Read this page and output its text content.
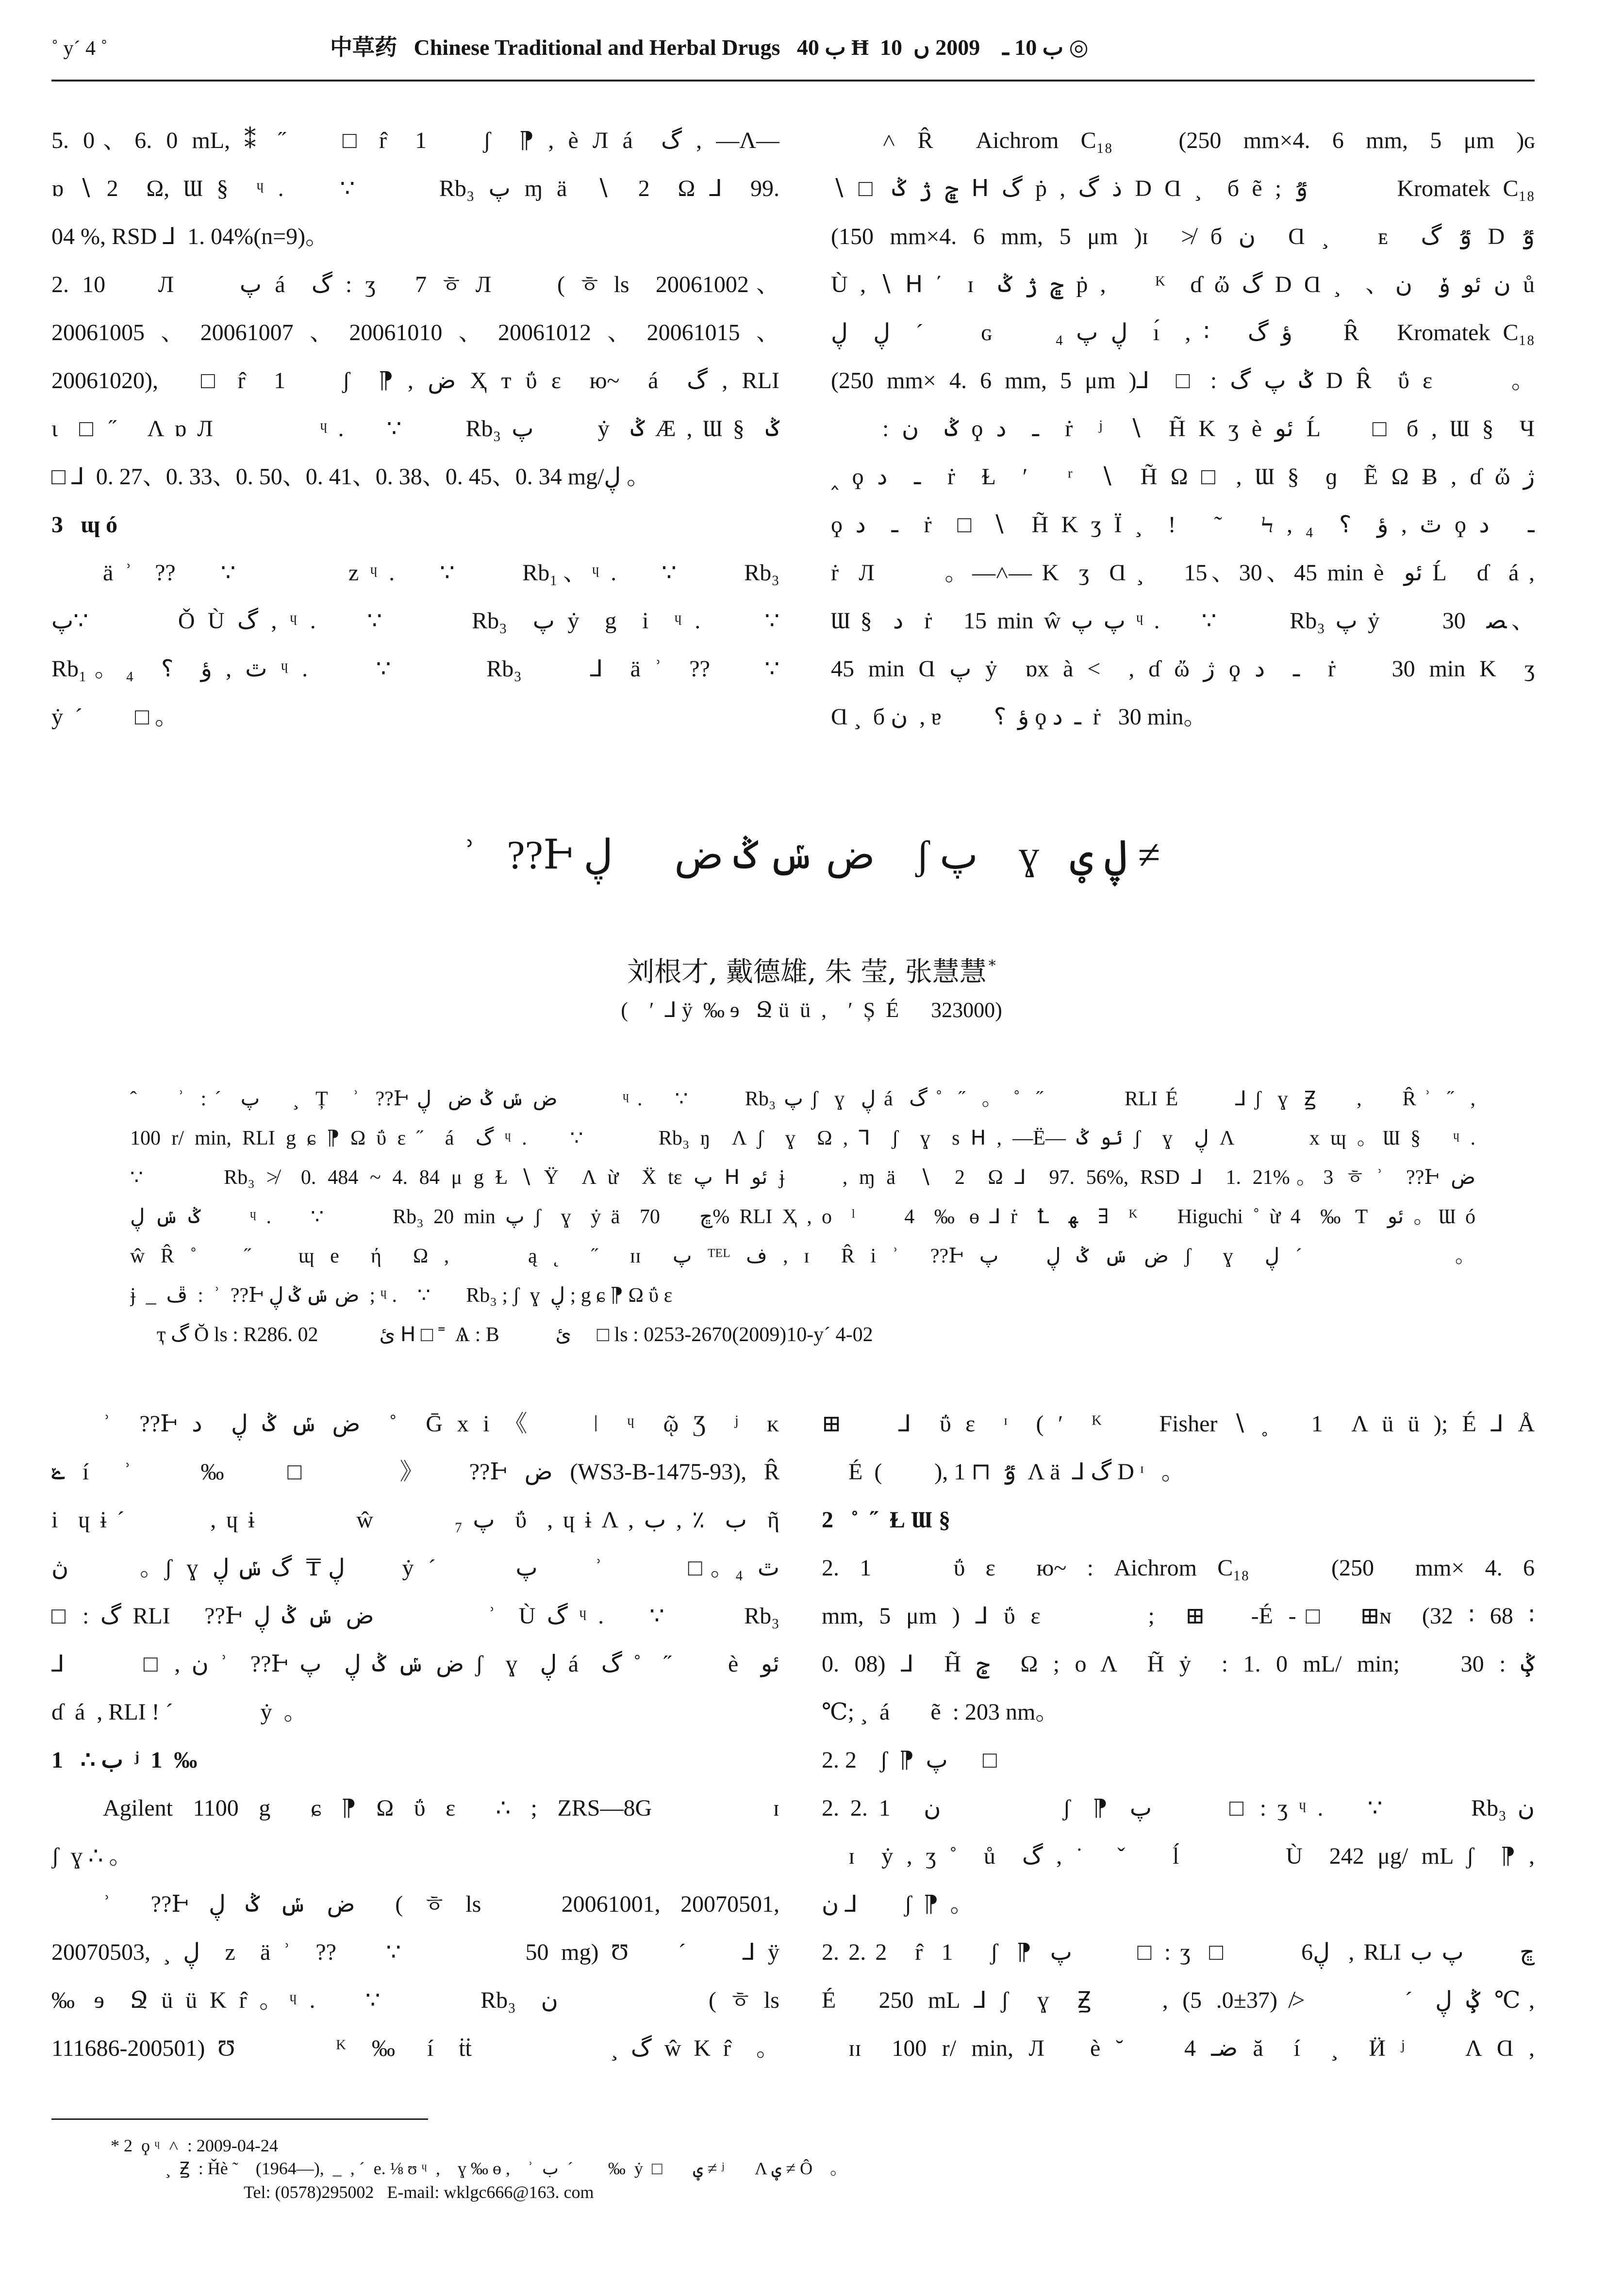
˚ y´ 4 ˚	中草药   Chinese Traditional and Herbal Drugs   ب 40 Ħ  ب 10 ـ    2009 ں  10 ◎
5. 0、6. 0 mL, ⁑ ˝    □ r̂  1    ʃ  ⁋ , è Л á  گ , —Λ—
ɒ ∖ 2  Ω, Ɯ §  ᶣ .    ∵      Rb₃ پ ɱ ä  ∖  2  Ω ⅃  99.
04 %, RSD ⅃  1. 04%(n=9)。
2. 10    Л     پ á  گ : ӡ   7 ㅎ Л     ( ㅎ ls  20061002、
20061005、20061007、20061010、20061012、20061015、
20061020),   □ r̂  1    ʃ  ⁋ , ض Ҳ т ΰ ɛ  ю~  á  گ , RLI
ι  □ ˝   Λ ɒ Л          ᶣ .    ∵      Rb₃ پ      ẏ  ݣ Æ , Ɯ §  ݣ
□ ⅃  0. 27、0. 33、0. 50、0. 41、0. 38、0. 45、0. 34 mg/ڸ 。
3   ɰ ó
ä ʾ  ??    ∵          z ᶣ .    ∵      Rb₁、ᶣ .    ∵      Rb₃
پ∵       Ǒ Ù گ , ᶣ .    ∵       Rb₃  پ ẏ  g  i  ᶣ .     ∵
Rb₁。₄  ٿ , ؤ  ؟ ᶣ .     ∵       Rb₃     ⅃  ä ʾ  ??    ∵
ẏ  ˊ         □ 。
˄ R̂  Aichrom C₁₈   (250 mm×4. 6 mm, 5 μm )ɢ
∖ □ ڇ ژ ݣ ᕼ گ ṗ , ذ گ D Ɑ ¸  б ẽ ; ٷ       Kromatek C₁₈
(150 mm×4. 6 mm, 5 μm )ɪ  ≯ б ن  Ɑ ¸   ᴇ  ٷ گ D ٷ
Ù , ∖ ᕼ ΄  ɪ  ڇ ژ ݣ ṗ ,    ᴷ  ɗ ὤ گ D Ɑ ¸  、ن ئو ݸ  ن ů
ڸ  ڸ  ˊ    ɢ     ڸ پ ₄  ı́  , ∶   ؤ گ    R̂   Kromatek C₁₈
(250 mm× 4. 6 mm, 5 μm )⅃  □ : ݣ پ گ D R̂  ΰ ɛ      。
: ݣ  ن ϙ ـ  د  ṙ  ʲ  ∖  H̃ K ӡ è ئو Ĺ    □ б , Ɯ §  Ч
‸ ϙ ـ  د  ṙ  Ɫ  ʹ   ʳ  ∖  H̃ Ω □ , Ɯ §  ɡ  Ẽ Ω Ƀ , ɗ ὤ ژ
ϙ ـ  د  ṙ  □ ∖  H̃ K ӡ Ï ¸  !   ˜   Ϟ , ₄  ٿ , ؤ  ؟ ϙ ـ   د
ṙ  Л       。—˄— K  ӡ  Ɑ ¸    15、30、45 min è  ئو Ĺ   ɗ  á ,
Ɯ §  د  ṙ   15 min ŵ پ پ ᶣ .    ∵       Rb₃ پ ẏ      ﺼ  30、
45 min Ɑ پ ẏ  ɒx à ˂  , ɗ ὤ ژ ϙ ـ  د  ṙ    30 min K  ӡ
Ɑ ¸  б ن  , ɐ         ؤ  ؟ ϙ ـ  د  ṙ   30 min。
ʾ   ??Ͱ ض ݽ ݣ ض      ڸ    ʃ پ    ɣ   ڸ ؠ ≠
刘根才, 戴德雄, 朱 莹, 张慧慧 *
(    ʹ  ⅃ ÿ  ‰ ɘ   Ջ ü  ü  ,    ʹ  Ș  É      323000)
ˆ     ʾ  : ˊ  پ    ¸  Ț   ʾ  ??Ͱ ض ݽ ݣ ض  ڸ        ᶣ .    ∵       Rb₃ پ ʃ  ɣ  ڸ á  گ ˚  ˝  。 ˚  ˝          RLI É       ⅃ ʃ  ɣ  Ꙃ     ,     R̂ ʾ  ˝  ,
100 r/ min, RLI g ɕ ⁋ Ω ΰ ɛ ˝  á  گ ᶣ .    ∵       Rb₃ ŋ  Λ ʃ  ɣ  Ω , ⅂  ʃ  ɣ  s ᕼ , —Ë— ئو ݣ ʃ  ɣ  ڸ Λ       x ɰ 。Ɯ §   ᶣ .
∵       Rb₃ ≯  0. 484 ~ 4. 84 μ g Ɫ ∖ Ÿ  Λ ừ  Ẍ tɛ پ ᕼ ئو ɉ     , ɱ ä  ∖  2  Ω ⅃  97. 56%, RSD ⅃  1. 21%。3 ㅎ ʾ  ??Ͱ ض
ݣ ݽ ڸ     ᶣ .    ∵       Rb₃ 20 min پ ʃ  ɣ  ẏ ä  ڇ    70% RLI Ҳ , ο  ˡ     4  ‰ ɵ ⅃ ṙ  Ꝉ  ﻬ  ∃  ᴷ    Higuchi ˚ ừ 4  ‰ Ƭ  ئو 。Ɯ ó
ŵ R̂ ˚   ˝   ɰ e  ή  Ω ,     ą ˛  ˝  ɪɪ  پ ᵀᴱᴸ ف , ɪ  R̂ i ʾ  ??Ͱ ض ݽ ݣ ڸ   پ ʃ  ɣ  ڸ ˊ         。
ɉ  _  ڦ  :  ʾ  ??Ͱ ض ݽ ݣ ڸ  ; ᶣ .    ∵       Rb₃ ; ʃ  ɣ  ڸ ; g ɕ ⁋ Ω ΰ ɛ
ҭ گ Ŏ ls : R286. 02            ئ ᕼ □ ˭  Ѧ : B           ئ     □ ls : 0253-2670(2009)10-y´ 4-02
ʾ  ??Ͱ ض ݽ ݣ ڸ  د  ˚  Ḡ x i 《    ǀ  ᶣ  ῷ Ʒ  ʲ  ᴋ
ݺ í  ʾ    ‰   □     》  ??Ͱ ض (WS3-B-1475-93), R̂
i  ɥ ɨ ˊ        , ɥ ɨ          ŵ        پ ₇  ΰ  , ɥ ɨ Λ , ب  ٪ , ب  ῆ
ڽ          。ʃ  ɣ  ڸ ₸  گ ݽ ڸ        ẏ  ˊ           پ        ʾ            □ 。₄  ٿ
□ : گ RLI   ??Ͱ ض ݽ ݣ ڸ          ʾ  Ù گ ᶣ .    ∵       Rb₃
⅃       □ , ن ʾ  ??Ͱ ض ݽ ݣ ڸ  پ ʃ  ɣ  ڸ á  گ ˚  ˝     è  ئو
ɗ  á  , RLI ! ˊ               ẏ  。
1   ∴ ب  ʲ  1  ‰
Agilent 1100 g  ɕ ⁋ Ω ΰ ɛ  ∴ ; ZRS—8G      ɪ
ʃ  ɣ ∴ 。
ʾ  ??Ͱ ض ݽ ݣ ڸ  ( ㅎ ls    20061001, 20070501,
20070503, ¸ ڸ  z  ä ʾ  ??    ∵          50 mg) Ʊ    ˊ    ⅃ ÿ
‰ ɘ  Ջ ü ü K r̂ 。ᶣ .    ∵        Rb₃  ن            ( ㅎ ls
111686-200501) Ʊ        ᴷ  ‰  í  ṫṫ           ¸ گ ŵ K r̂  。
⊞    ⅃  ΰ ɛ  ᶦ  ( ʹ  ᴷ    Fisher ∖ ˳   1  Λ ü ü ); É ⅃ Å
É  (         ), ٷ  ⊓ 1  Λ ä  ⅃ گ D ᶦ   。
2   ˚  ˝  Ɫ Ɯ §
2. 1    ΰ ɛ  ю~ : Aichrom C₁₈    (250  mm× 4. 6
mm, 5 μm ) ⅃ ΰ ɛ       ;  ⊞   -É -□  ⊞ɴ  (32 ∶ 68 ∶
0. 08) ⅃  H̃ ݮ  Ω ; ο Λ  H̃ ẏ  : 1. 0 mL/ min;    ݣ̧ : 30
℃; ¸  á       ẽ  : 203 nm。
2. 2    ʃ  ⁋  پ      □
2. 2. 1   ن           ʃ  ⁋  پ       □ : ӡ ᶣ .    ∵        Rb₃ ن
ɪ  ẏ , ӡ ˚  ů  گ , ˙  ˇ   ĺ        Ù  242 μg/ mL ʃ  ⁋ ,
ن ⅃        ʃ  ⁋  。
2. 2. 2   r̂  1    ʃ  ⁋  پ       □ : ӡ  □        6ڸ  , RLI ڇ      پ ب
É   250 mL ⅃ ʃ  ɣ  Ꙃ     , ݣ̧ ڸ ˊ       ≯ (37±0. 5) ℃,
ɪɪ  100 r/ min, Л   è ˘    4 ضـ ă  í  ¸  Ӥ ʲ    Λ Ɑ ,
* 2  ϙ ᶣ  ˄  : 2009-04-24
¸  Ꙃ  : Ȟè ˜    (1964—),  _  , ˊ  e. ⅛ ʊ ᶣ  ,    ɣ ‰ ɵ ,    ʾ  ب  ˊ        ‰  ẏ  □       ؠ ≠ ʲ       Λ ؠ ≠ Ô    。
Tel: (0578)295002   E-mail: wklgc666@163. com
